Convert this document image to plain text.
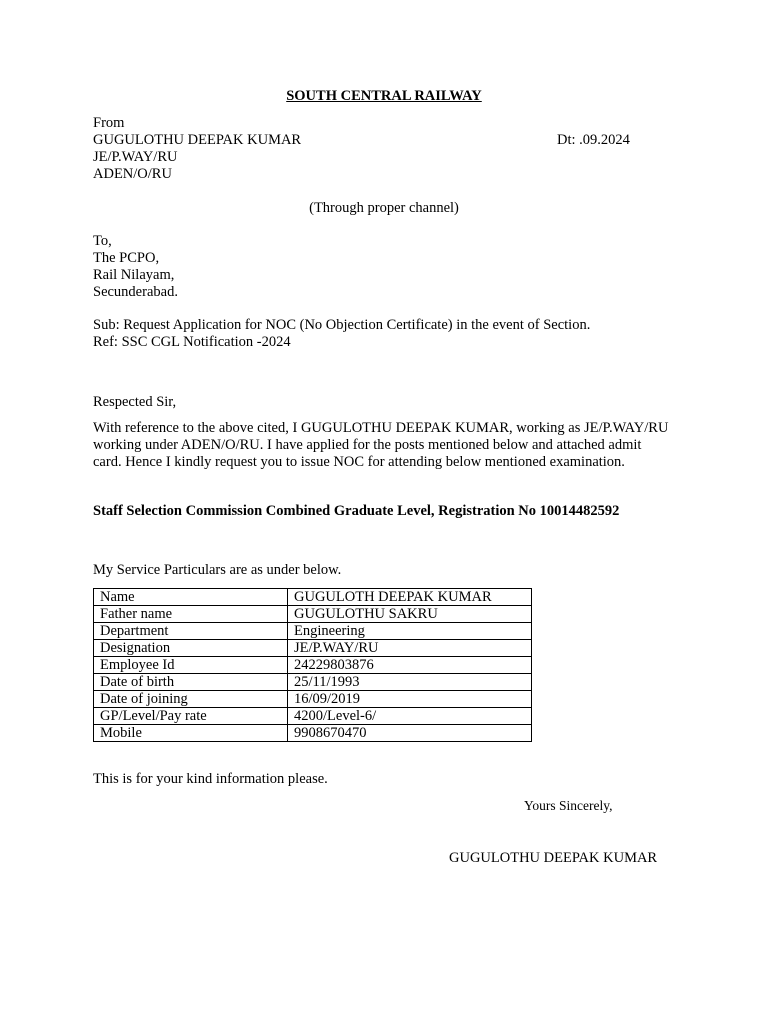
SOUTH CENTRAL RAILWAY
From
GUGULOTHU DEEPAK KUMAR
JE/P.WAY/RU
ADEN/O/RU
Dt: .09.2024
(Through proper channel)
To,
The PCPO,
Rail Nilayam,
Secunderabad.
Sub: Request Application for NOC (No Objection Certificate) in the event of Section.
Ref: SSC CGL Notification -2024
Respected Sir,
With reference to the above cited, I GUGULOTHU DEEPAK KUMAR, working as JE/P.WAY/RU working under ADEN/O/RU. I have applied for the posts mentioned below and attached admit card. Hence I kindly request you to issue NOC for attending below mentioned examination.
Staff Selection Commission Combined Graduate Level, Registration No 10014482592
My Service Particulars are as under below.
Name	GUGULOTH DEEPAK KUMAR
Father name	GUGULOTHU SAKRU
Department	Engineering
Designation	JE/P.WAY/RU
Employee Id	24229803876
Date of birth	25/11/1993
Date of joining	16/09/2019
GP/Level/Pay rate	4200/Level-6/
Mobile	9908670470
This is for your kind information please.
Yours Sincerely,
GUGULOTHU DEEPAK KUMAR
